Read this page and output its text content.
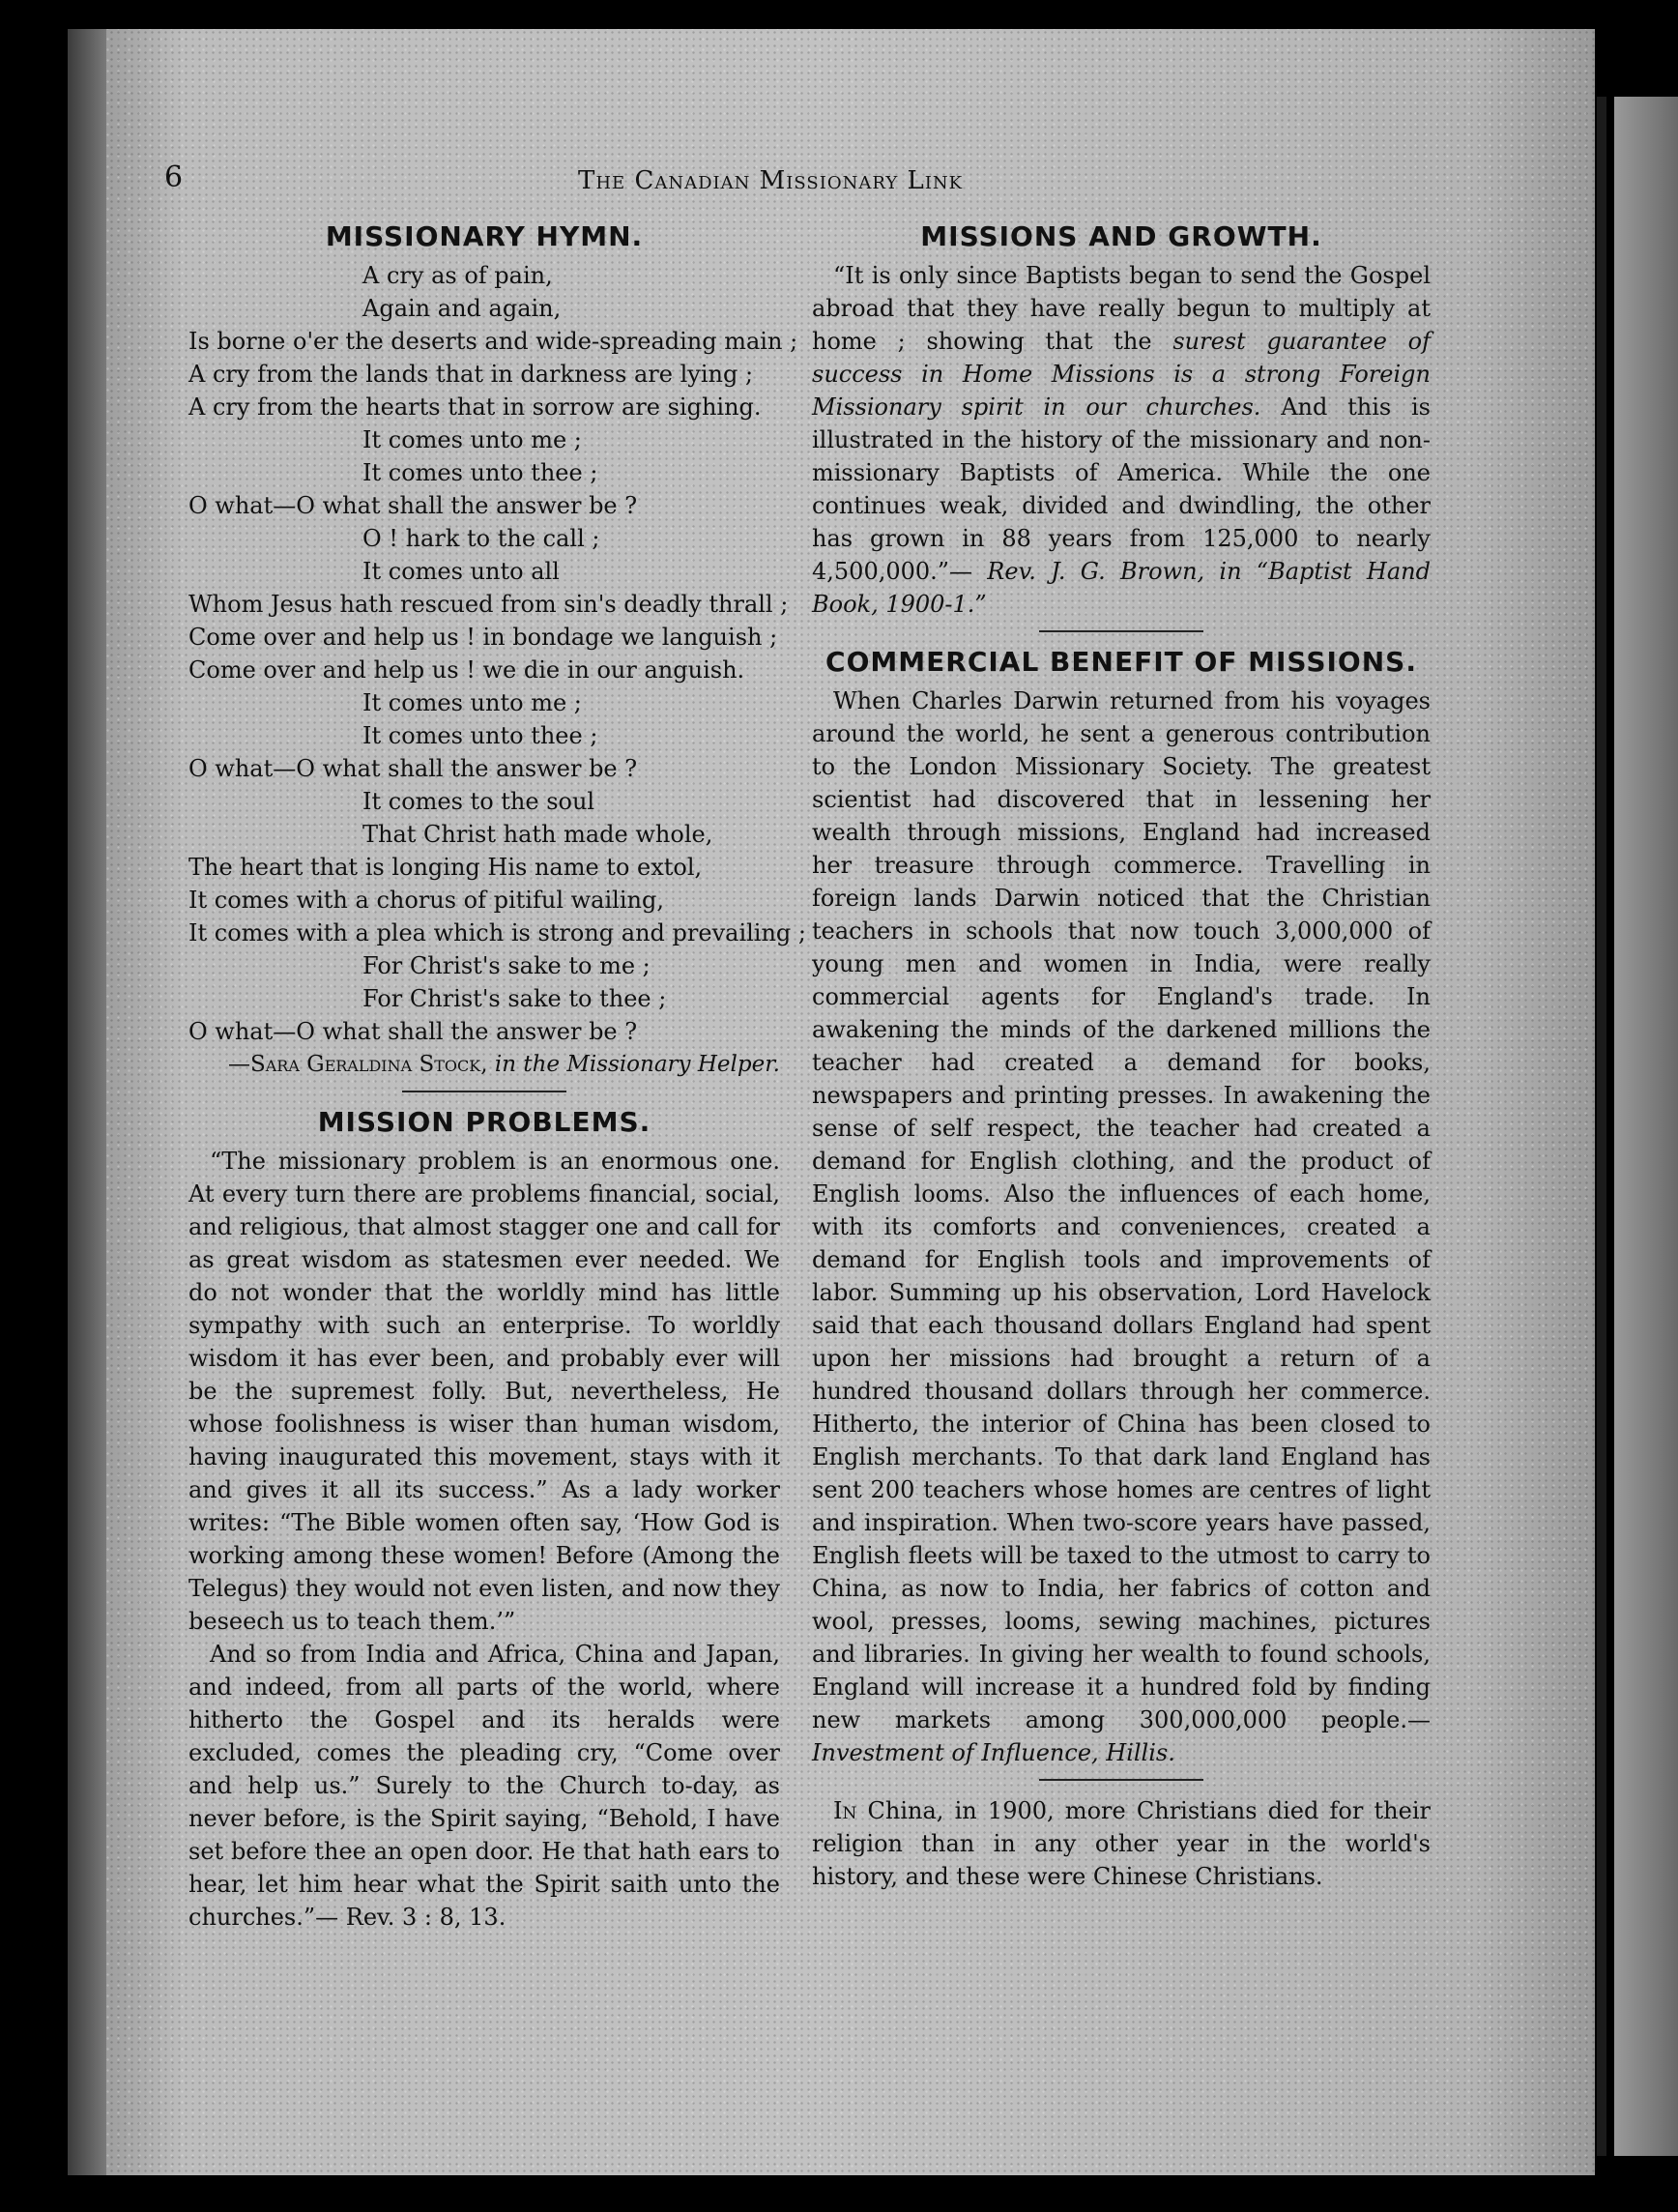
6	The Canadian Missionary Link
MISSIONARY HYMN.
A cry as of pain,
Again and again,
Is borne o'er the deserts and wide-spreading main ;
A cry from the lands that in darkness are lying ;
A cry from the hearts that in sorrow are sighing.
It comes unto me ;
It comes unto thee ;
O what—O what shall the answer be ?
O ! hark to the call ;
It comes unto all
Whom Jesus hath rescued from sin's deadly thrall ;
Come over and help us ! in bondage we languish ;
Come over and help us ! we die in our anguish.
It comes unto me ;
It comes unto thee ;
O what—O what shall the answer be ?
It comes to the soul
That Christ hath made whole,
The heart that is longing His name to extol,
It comes with a chorus of pitiful wailing,
It comes with a plea which is strong and prevailing ;
For Christ's sake to me ;
For Christ's sake to thee ;
O what—O what shall the answer be ?
—Sara Geraldina Stock, in the Missionary Helper.
MISSION PROBLEMS.

“The missionary problem is an enormous one. At every turn there are problems financial, social, and religious, that almost stagger one and call for as great wisdom as statesmen ever needed. We do not wonder that the worldly mind has little sympathy with such an enterprise. To worldly wisdom it has ever been, and probably ever will be the supremest folly. But, nevertheless, He whose foolishness is wiser than human wisdom, having inaugurated this movement, stays with it and gives it all its success.” As a lady worker writes: “The Bible women often say, ‘How God is working among these women! Before (Among the Telegus) they would not even listen, and now they beseech us to teach them.’”

And so from India and Africa, China and Japan, and indeed, from all parts of the world, where hitherto the Gospel and its heralds were excluded, comes the pleading cry, “Come over and help us.” Surely to the Church to-day, as never before, is the Spirit saying, “Behold, I have set before thee an open door. He that hath ears to hear, let him hear what the Spirit saith unto the churches.”— Rev. 3 : 8, 13.

MISSIONS AND GROWTH.

“It is only since Baptists began to send the Gospel abroad that they have really begun to multiply at home ; showing that the surest guarantee of success in Home Missions is a strong Foreign Missionary spirit in our churches. And this is illustrated in the history of the missionary and non-missionary Baptists of America. While the one continues weak, divided and dwindling, the other has grown in 88 years from 125,000 to nearly 4,500,000.”— Rev. J. G. Brown, in “Baptist Hand Book, 1900-1.”

COMMERCIAL BENEFIT OF MISSIONS.

When Charles Darwin returned from his voyages around the world, he sent a generous contribution to the London Missionary Society. The greatest scientist had discovered that in lessening her wealth through missions, England had increased her treasure through commerce. Travelling in foreign lands Darwin noticed that the Christian teachers in schools that now touch 3,000,000 of young men and women in India, were really commercial agents for England's trade. In awakening the minds of the darkened millions the teacher had created a demand for books, newspapers and printing presses. In awakening the sense of self respect, the teacher had created a demand for English clothing, and the product of English looms. Also the influences of each home, with its comforts and conveniences, created a demand for English tools and improvements of labor. Summing up his observation, Lord Havelock said that each thousand dollars England had spent upon her missions had brought a return of a hundred thousand dollars through her commerce. Hitherto, the interior of China has been closed to English merchants. To that dark land England has sent 200 teachers whose homes are centres of light and inspiration. When two-score years have passed, English fleets will be taxed to the utmost to carry to China, as now to India, her fabrics of cotton and wool, presses, looms, sewing machines, pictures and libraries. In giving her wealth to found schools, England will increase it a hundred fold by finding new markets among 300,000,000 people.—Investment of Influence, Hillis.

In China, in 1900, more Christians died for their religion than in any other year in the world's history, and these were Chinese Christians.
